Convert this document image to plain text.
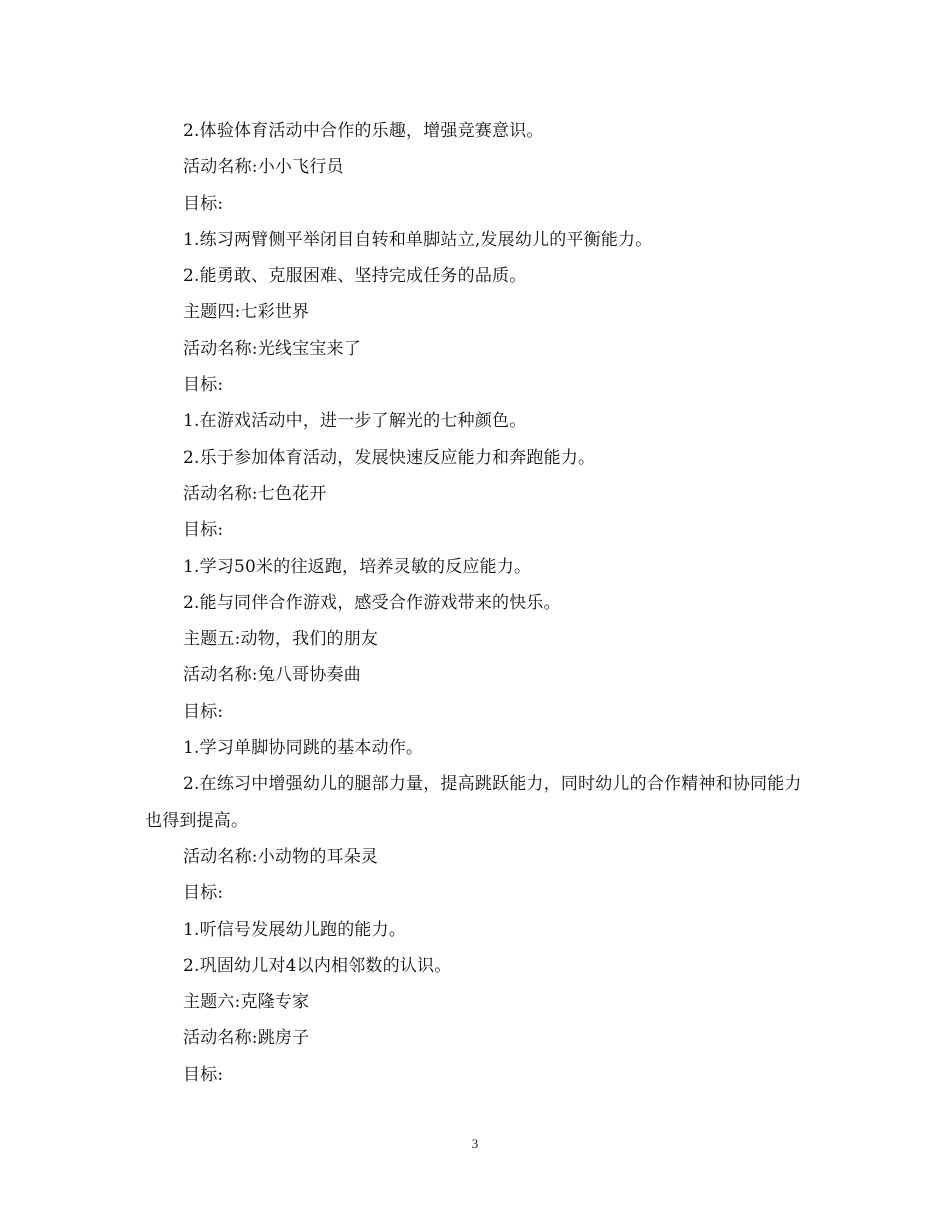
2.体验体育活动中合作的乐趣，增强竞赛意识。

活动名称:小小飞行员

目标:

1.练习两臂侧平举闭目自转和单脚站立,发展幼儿的平衡能力。

2.能勇敢、克服困难、坚持完成任务的品质。

主题四:七彩世界

活动名称:光线宝宝来了

目标:

1.在游戏活动中，进一步了解光的七种颜色。

2.乐于参加体育活动，发展快速反应能力和奔跑能力。

活动名称:七色花开

目标:

1.学习50米的往返跑，培养灵敏的反应能力。

2.能与同伴合作游戏，感受合作游戏带来的快乐。

主题五:动物，我们的朋友

活动名称:兔八哥协奏曲

目标:

1.学习单脚协同跳的基本动作。

2.在练习中增强幼儿的腿部力量，提高跳跃能力，同时幼儿的合作精神和协同能力也得到提高。

活动名称:小动物的耳朵灵

目标:

1.听信号发展幼儿跑的能力。

2.巩固幼儿对4以内相邻数的认识。

主题六:克隆专家

活动名称:跳房子

目标:

3
